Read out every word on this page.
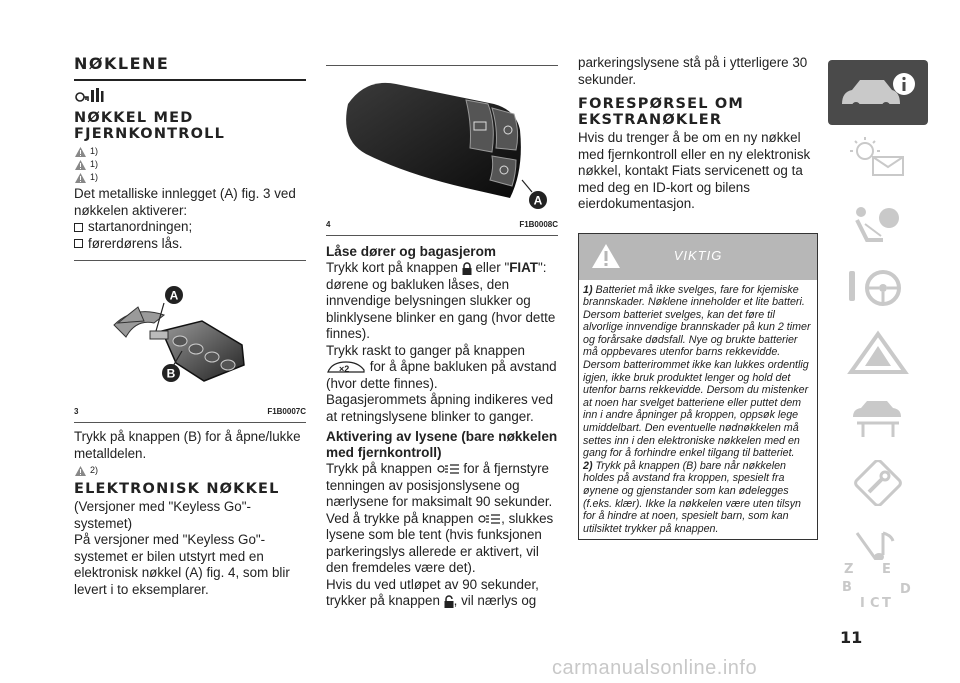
NØKLENE
NØKKEL MED FJERNKONTROLL
1)
1)
1)

Det metalliske innlegget (A) fig. 3 ved nøkkelen aktiverer:

startanordningen;
førerdørens lås.
A
B
3	F1B0007C

Trykk på knappen (B) for å åpne/lukke metalldelen.

2)
ELEKTRONISK NØKKEL

(Versjoner med "Keyless Go"-systemet)

På versjoner med "Keyless Go"-systemet er bilen utstyrt med en elektronisk nøkkel (A) fig. 4, som blir levert i to eksemplarer.

A
4	F1B0008C
Låse dører og bagasjerom

Trykk kort på knappen eller "FIAT": dørene og bakluken låses, den innvendige belysningen slukker og blinklysene blinker en gang (hvor dette finnes).

Trykk raskt to ganger på knappen

×2 for å åpne bakluken på avstand (hvor dette finnes).

Bagasjerommets åpning indikeres ved at retningslysene blinker to ganger.

Aktivering av lysene (bare nøkkelen med fjernkontroll)

Trykk på knappen for å fjernstyre tenningen av posisjonslysene og nærlysene for maksimalt 90 sekunder.

Ved å trykke på knappen , slukkes lysene som ble tent (hvis funksjonen parkeringslys allerede er aktivert, vil den fremdeles være det).

Hvis du ved utløpet av 90 sekunder, trykker på knappen , vil nærlys og

parkeringslysene stå på i ytterligere 30 sekunder.

FORESPØRSEL OM EKSTRANØKLER

Hvis du trenger å be om en ny nøkkel med fjernkontroll eller en ny elektronisk nøkkel, kontakt Fiats servicenett og ta med deg en ID-kort og bilens eierdokumentasjon.

VIKTIG

1) Batteriet må ikke svelges, fare for kjemiske brannskader. Nøklene inneholder et lite batteri. Dersom batteriet svelges, kan det føre til alvorlige innvendige brannskader på kun 2 timer og forårsake dødsfall. Nye og brukte batterier må oppbevares utenfor barns rekkevidde. Dersom batterirommet ikke kan lukkes ordentlig igjen, ikke bruk produktet lenger og hold det utenfor barns rekkevidde. Dersom du mistenker at noen har svelget batteriene eller puttet dem inn i andre åpninger på kroppen, oppsøk lege umiddelbart. Den eventuelle nødnøkkelen må settes inn i den elektroniske nøkkelen med en gang for å forhindre enkel tilgang til batteriet.

2) Trykk på knappen (B) bare når nøkkelen holdes på avstand fra kroppen, spesielt fra øynene og gjenstander som kan ødelegges (f.eks. klær). Ikke la nøkkelen være uten tilsyn for å hindre at noen, spesielt barn, som kan utilsiktet trykker på knappen.

Z E
B	D
I C T
11
carmanualsonline.info
